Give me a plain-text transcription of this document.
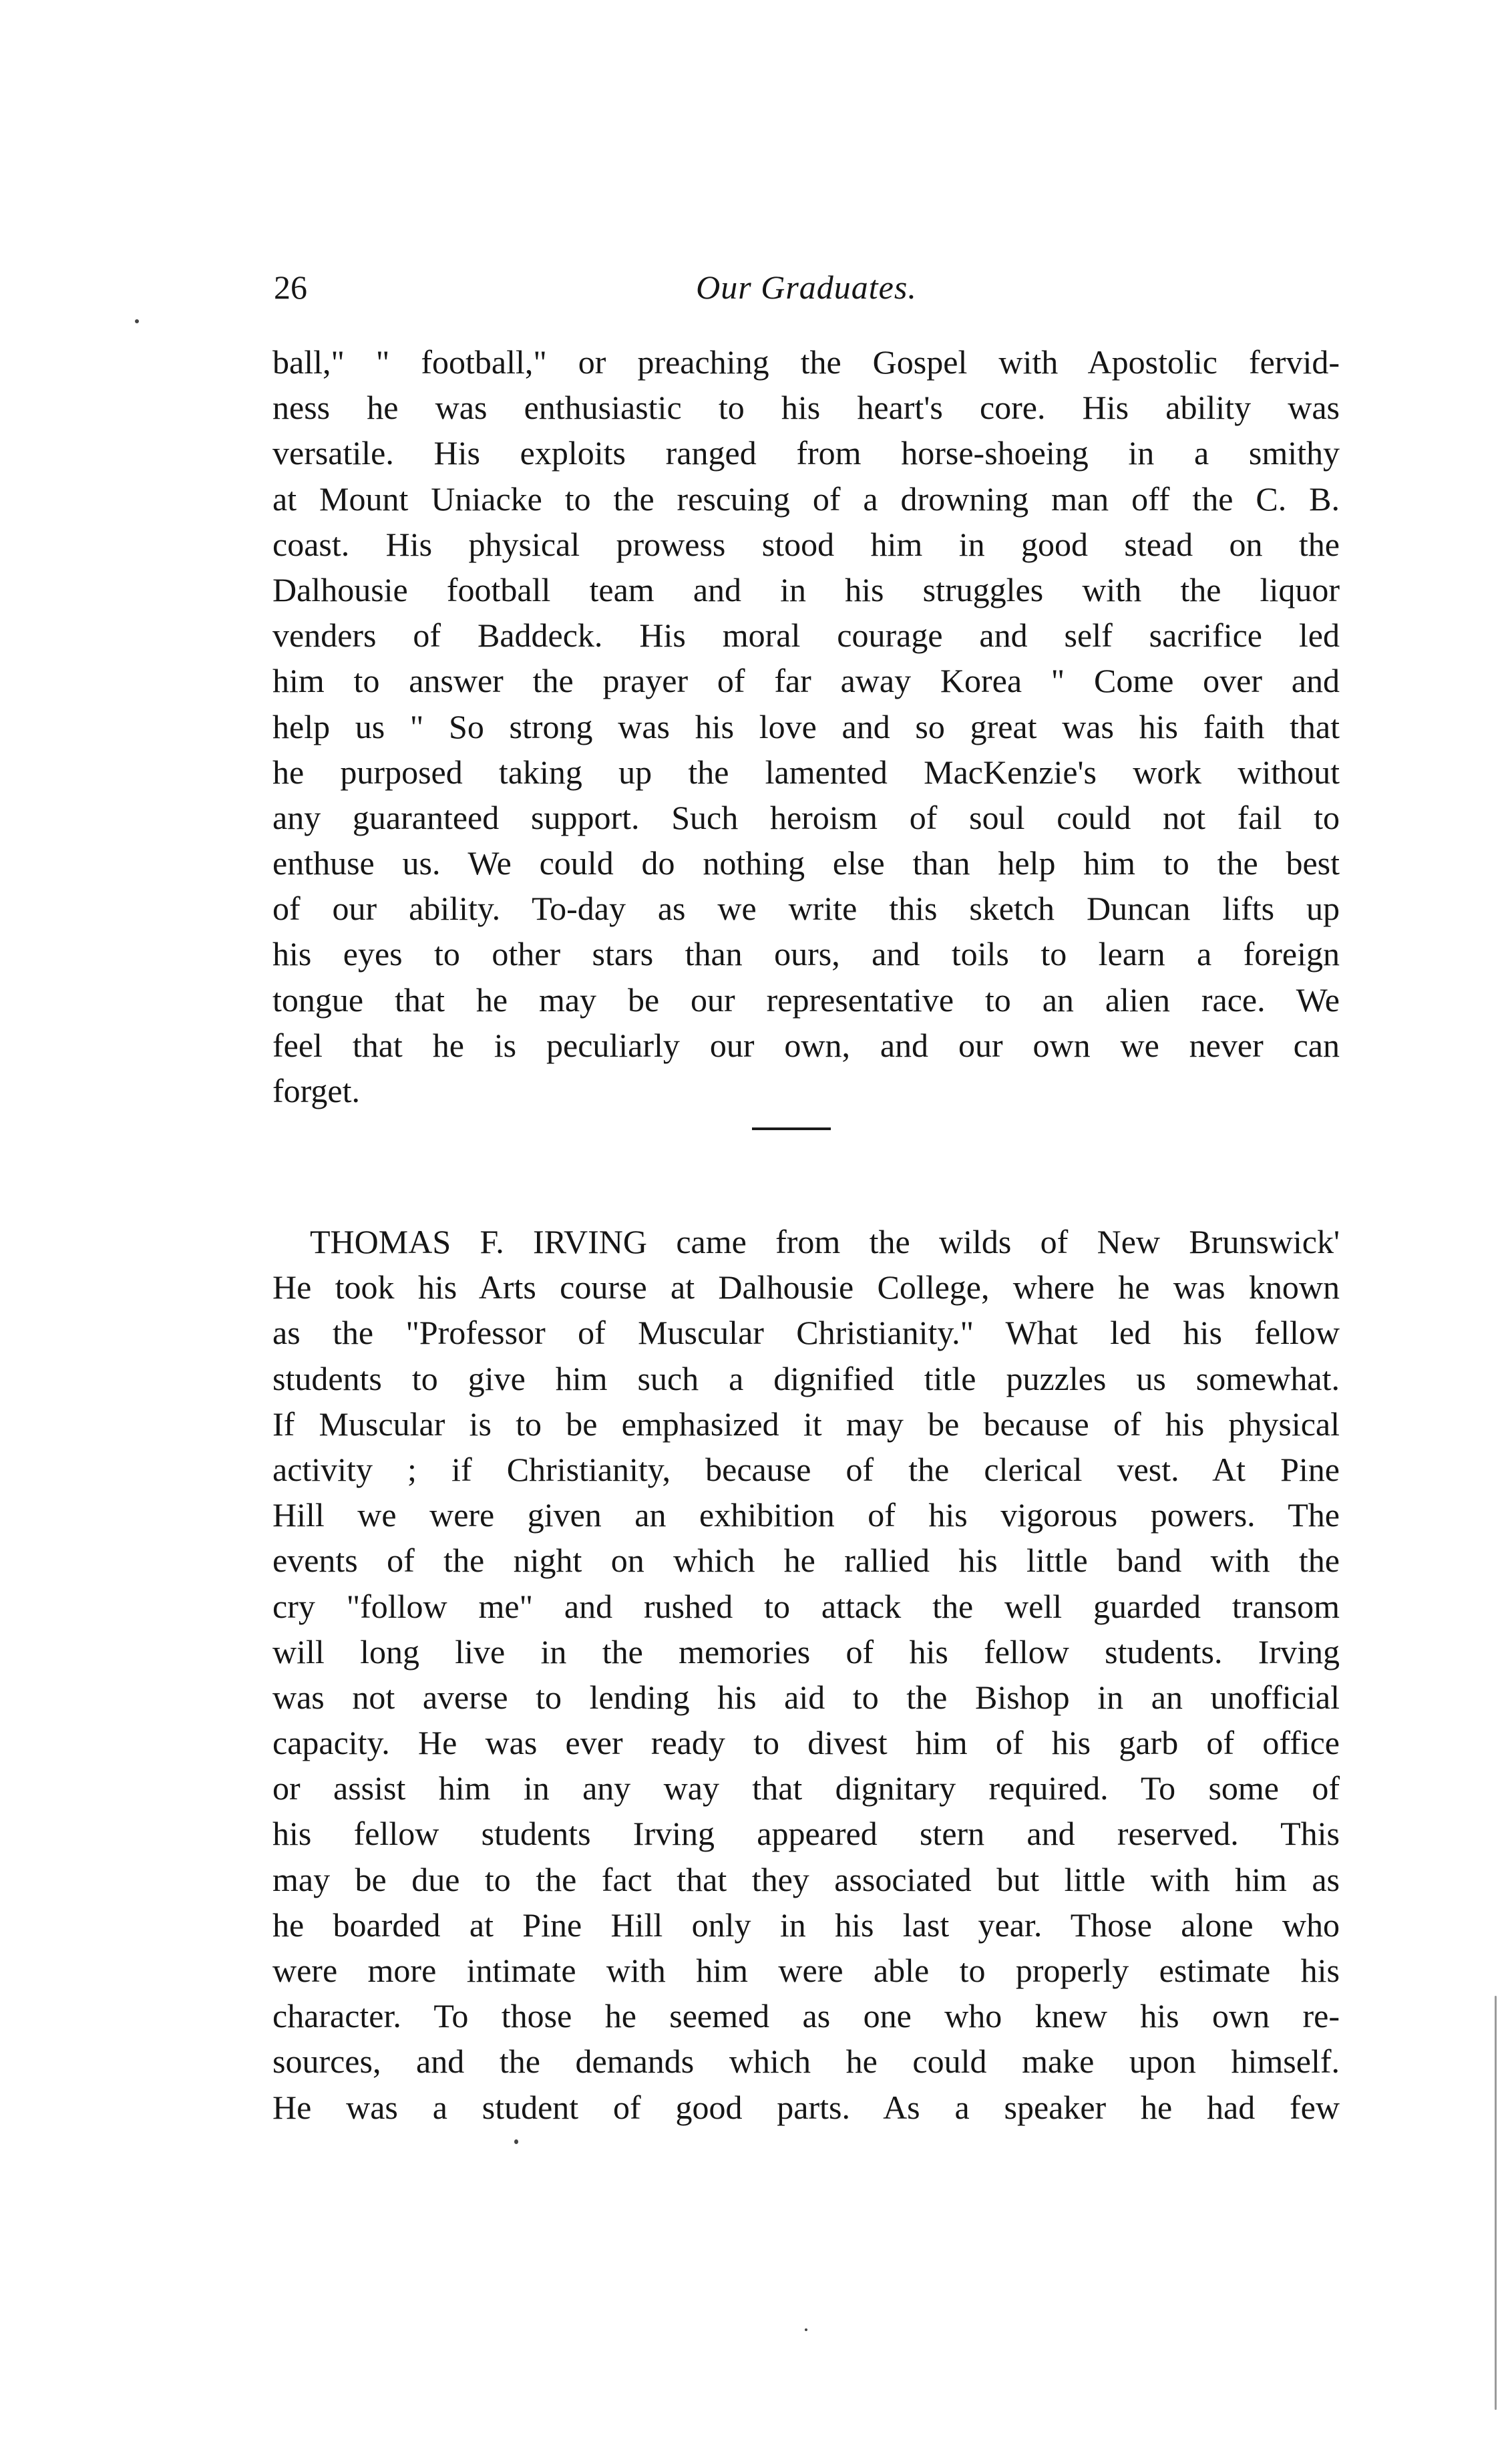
26	Our Graduates.
ball," " football," or preaching the Gospel with Apostolic fervid-
ness he was enthusiastic to his heart's core. His ability was
versatile. His exploits ranged from horse-shoeing in a smithy
at Mount Uniacke to the rescuing of a drowning man off the C. B.
coast. His physical prowess stood him in good stead on the
Dalhousie football team and in his struggles with the liquor
venders of Baddeck. His moral courage and self sacrifice led
him to answer the prayer of far away Korea " Come over and
help us " So strong was his love and so great was his faith that
he purposed taking up the lamented MacKenzie's work without
any guaranteed support. Such heroism of soul could not fail to
enthuse us. We could do nothing else than help him to the best
of our ability. To-day as we write this sketch Duncan lifts up
his eyes to other stars than ours, and toils to learn a foreign
tongue that he may be our representative to an alien race. We
feel that he is peculiarly our own, and our own we never can
forget.
THOMAS F. IRVING came from the wilds of New Brunswick'
He took his Arts course at Dalhousie College, where he was known
as the "Professor of Muscular Christianity." What led his fellow
students to give him such a dignified title puzzles us somewhat.
If Muscular is to be emphasized it may be because of his physical
activity ; if Christianity, because of the clerical vest. At Pine
Hill we were given an exhibition of his vigorous powers. The
events of the night on which he rallied his little band with the
cry "follow me" and rushed to attack the well guarded transom
will long live in the memories of his fellow students. Irving
was not averse to lending his aid to the Bishop in an unofficial
capacity. He was ever ready to divest him of his garb of office
or assist him in any way that dignitary required. To some of
his fellow students Irving appeared stern and reserved. This
may be due to the fact that they associated but little with him as
he boarded at Pine Hill only in his last year. Those alone who
were more intimate with him were able to properly estimate his
character. To those he seemed as one who knew his own re-
sources, and the demands which he could make upon himself.
He was a student of good parts. As a speaker he had few
